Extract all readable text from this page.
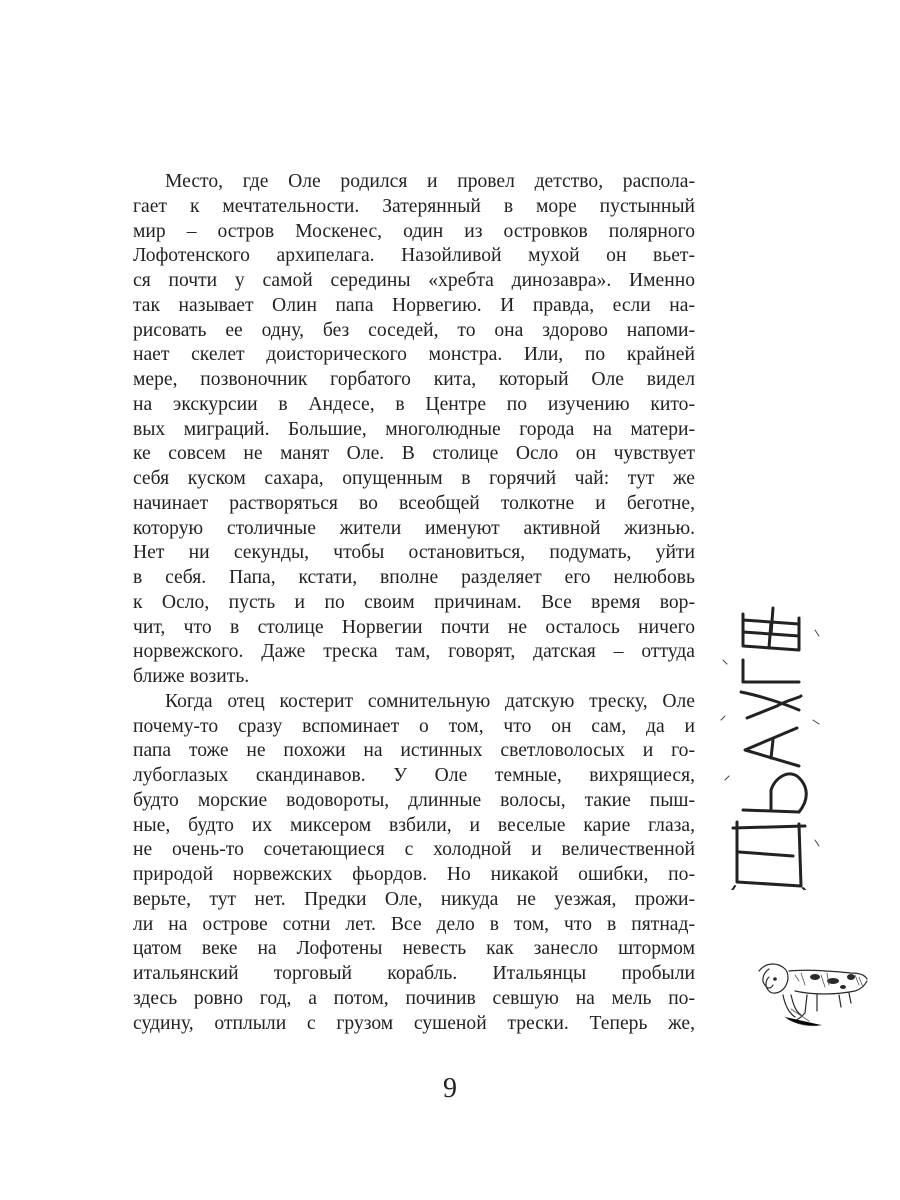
Место, где Оле родился и провел детство, распола-
гает к мечтательности. Затерянный в море пустынный
мир – остров Москенес, один из островков полярного
Лофотенского архипелага. Назойливой мухой он вьет-
ся почти у самой середины «хребта динозавра». Именно
так называет Олин папа Норвегию. И правда, если на-
рисовать ее одну, без соседей, то она здорово напоми-
нает скелет доисторического монстра. Или, по крайней
мере, позвоночник горбатого кита, который Оле видел
на экскурсии в Андесе, в Центре по изучению кито-
вых миграций. Большие, многолюдные города на матери-
ке совсем не манят Оле. В столице Осло он чувствует
себя куском сахара, опущенным в горячий чай: тут же
начинает растворяться во всеобщей толкотне и беготне,
которую столичные жители именуют активной жизнью.
Нет ни секунды, чтобы остановиться, подумать, уйти
в себя. Папа, кстати, вполне разделяет его нелюбовь
к Осло, пусть и по своим причинам. Все время вор-
чит, что в столице Норвегии почти не осталось ничего
норвежского. Даже треска там, говорят, датская – оттуда
ближе возить.
Когда отец костерит сомнительную датскую треску, Оле
почему-то сразу вспоминает о том, что он сам, да и
папа тоже не похожи на истинных светловолосых и го-
лубоглазых скандинавов. У Оле темные, вихрящиеся,
будто морские водовороты, длинные волосы, такие пыш-
ные, будто их миксером взбили, и веселые карие глаза,
не очень-то сочетающиеся с холодной и величественной
природой норвежских фьордов. Но никакой ошибки, по-
верьте, тут нет. Предки Оле, никуда не уезжая, прожи-
ли на острове сотни лет. Все дело в том, что в пятнад-
цатом веке на Лофотены невесть как занесло штормом
итальянский торговый корабль. Итальянцы пробыли
здесь ровно год, а потом, починив севшую на мель по-
судину, отплыли с грузом сушеной трески. Теперь же,
9
